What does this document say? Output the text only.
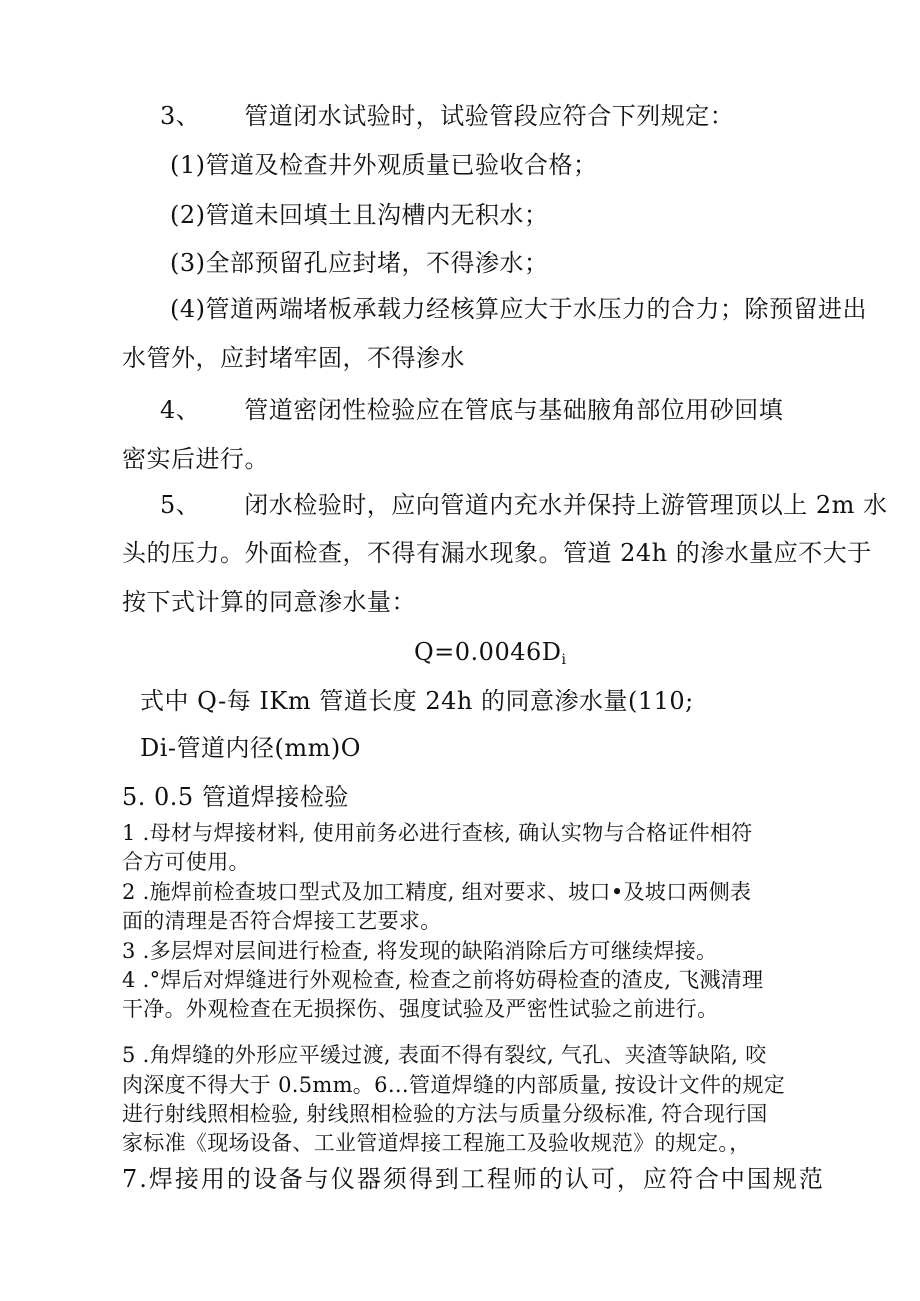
3、 管道闭水试验时，试验管段应符合下列规定：
(1)管道及检查井外观质量已验收合格；
(2)管道未回填土且沟槽内无积水；
(3)全部预留孔应封堵，不得渗水；
(4)管道两端堵板承载力经核算应大于水压力的合力；除预留进出
水管外，应封堵牢固，不得渗水
4、 管道密闭性检验应在管底与基础腋角部位用砂回填
密实后进行。
5、 闭水检验时，应向管道内充水并保持上游管理顶以上 2m 水
头的压力。外面检查，不得有漏水现象。管道 24h 的渗水量应不大于
按下式计算的同意渗水量：
$Q=0.0046D_i$
式中 Q-每 IKm 管道长度 24h 的同意渗水量(110;
Di-管道内径(mm)O
5. 0.5 管道焊接检验
1 .母材与焊接材料, 使用前务必进行查核, 确认实物与合格证件相符
合方可使用。
2 .施焊前检查坡口型式及加工精度, 组对要求、坡口•及坡口两侧表
面的清理是否符合焊接工艺要求。
3 .多层焊对层间进行检查, 将发现的缺陷消除后方可继续焊接。
4 .°焊后对焊缝进行外观检查, 检查之前将妨碍检查的渣皮, 飞溅清理
干净。外观检查在无损探伤、强度试验及严密性试验之前进行。
5 .角焊缝的外形应平缓过渡, 表面不得有裂纹, 气孔、夹渣等缺陷, 咬
肉深度不得大于 0.5mm。6…管道焊缝的内部质量, 按设计文件的规定
进行射线照相检验, 射线照相检验的方法与质量分级标准, 符合现行国
家标准《现场设备、工业管道焊接工程施工及验收规范》的规定。，
7.焊接用的设备与仪器须得到工程师的认可，应符合中国规范
